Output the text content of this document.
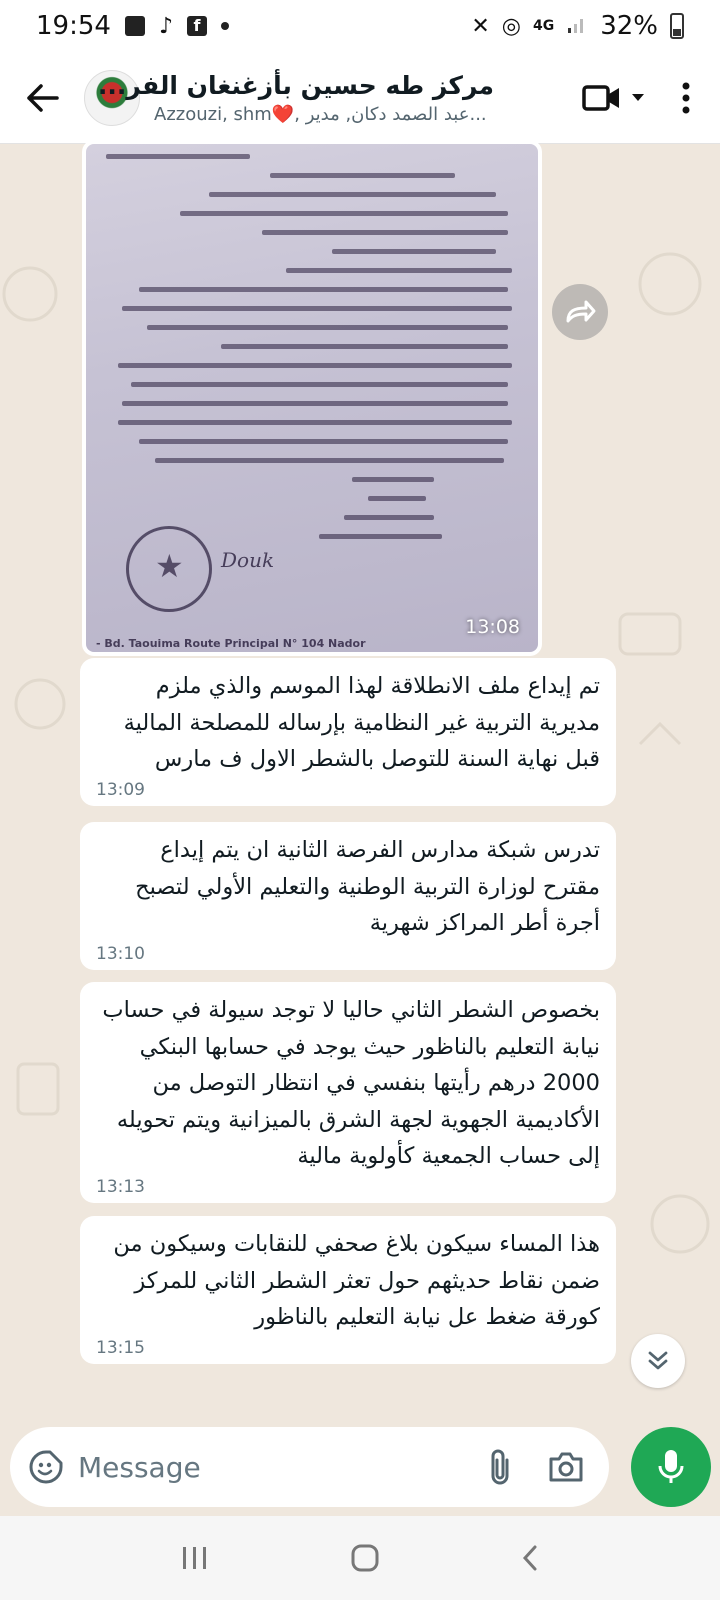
19:54 ♪	f	✕ ◎ 4G 32%
مركز طه حسين بأزغنغان الفر...
Azzouzi, shm❤️, عبد الصمد دكان, مدير...
★
Douk
- Bd. Taouima Route Principal N° 104 Nador
13:08
تم إيداع ملف الانطلاقة لهذا الموسم والذي ملزم مديرية التربية غير النظامية بإرساله للمصلحة المالية قبل نهاية السنة للتوصل بالشطر الاول ف مارس
13:09
تدرس شبكة مدارس الفرصة الثانية ان يتم إيداع مقترح لوزارة التربية الوطنية والتعليم الأولي لتصبح أجرة أطر المراكز شهرية
13:10
بخصوص الشطر الثاني حاليا لا توجد سيولة في حساب نيابة التعليم بالناظور حيث يوجد في حسابها البنكي 2000 درهم رأيتها بنفسي في انتظار التوصل من الأكاديمية الجهوية لجهة الشرق بالميزانية ويتم تحويله إلى حساب الجمعية كأولوية مالية
13:13
هذا المساء سيكون بلاغ صحفي للنقابات وسيكون من ضمن نقاط حديثهم حول تعثر الشطر الثاني للمركز كورقة ضغط عل نيابة التعليم بالناظور
13:15
Message
